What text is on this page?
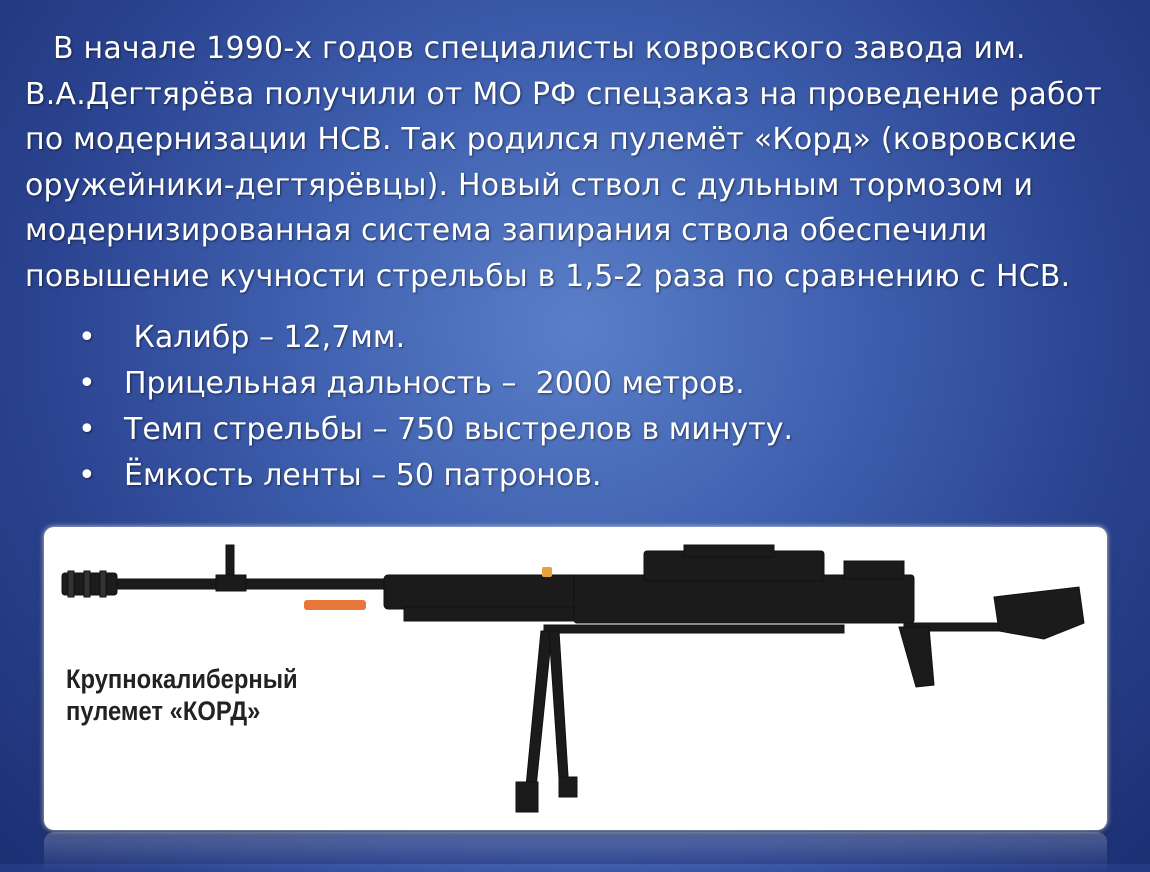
В начале 1990-х годов специалисты ковровского завода им.
В.А.Дегтярёва получили от МО РФ спецзаказ на проведение работ
по модернизации НСВ. Так родился пулемёт «Корд» (ковровские
оружейники-дегтярёвцы). Новый ствол с дульным тормозом и
модернизированная система запирания ствола обеспечили
повышение кучности стрельбы в 1,5-2 раза по сравнению с НСВ.
• Калибр – 12,7мм.
• Прицельная дальность –  2000 метров.
• Темп стрельбы – 750 выстрелов в минуту.
• Ёмкость ленты – 50 патронов.
Крупнокалиберный
пулемет «КОРД»
